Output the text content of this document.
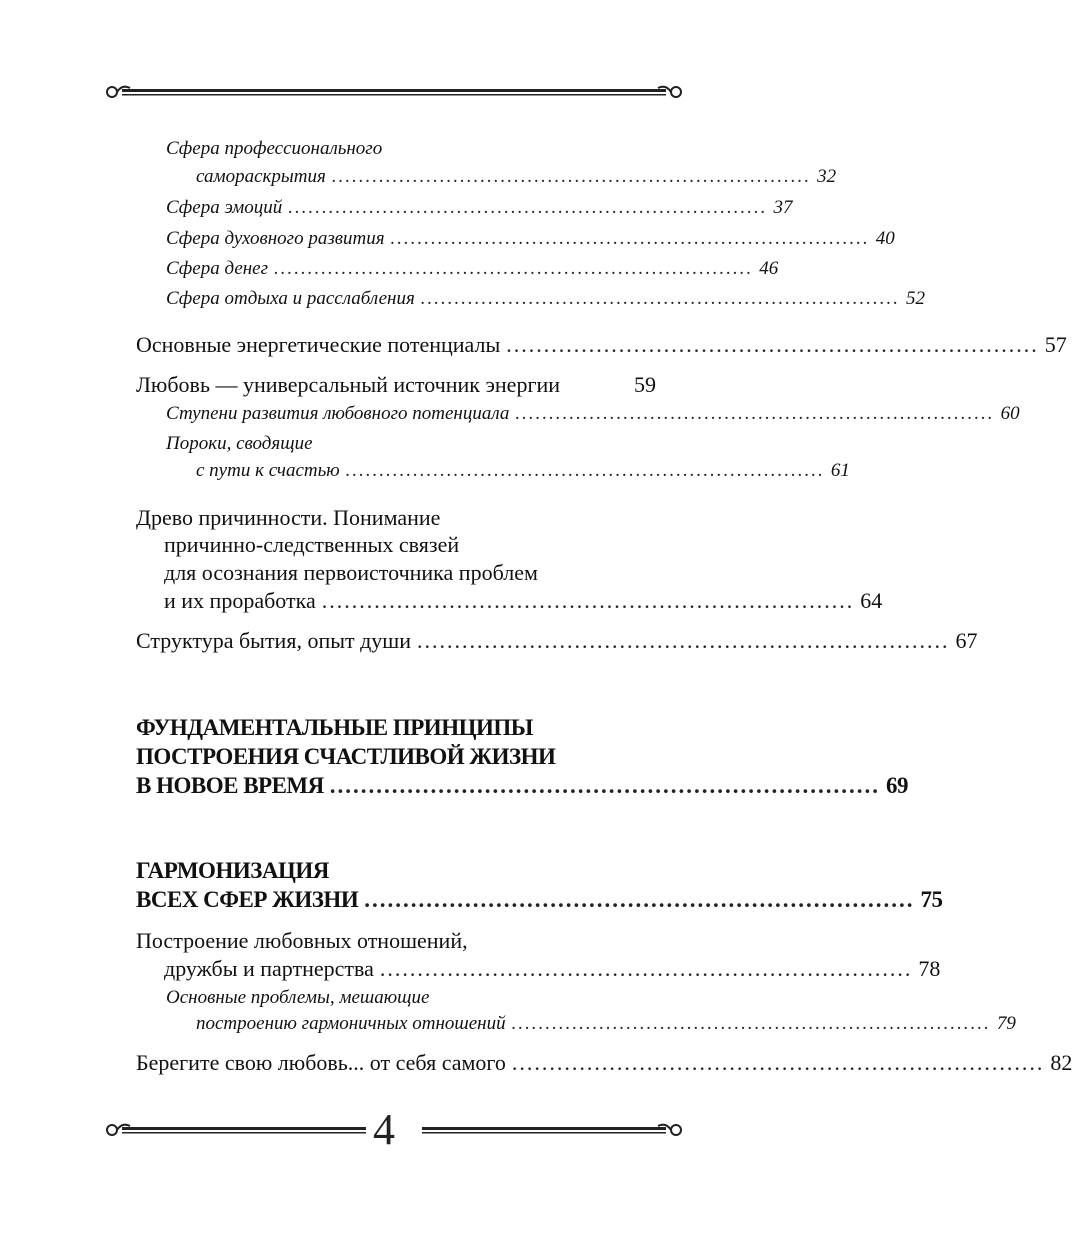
Сфера профессионального
самораскрытия ....................................................................... 32
Сфера эмоций ....................................................................... 37
Сфера духовного развития ....................................................................... 40
Сфера денег ....................................................................... 46
Сфера отдыха и расслабления ....................................................................... 52
Основные энергетические потенциалы ....................................................................... 57
Любовь — универсальный источник энергии	59
Ступени развития любовного потенциала ....................................................................... 60
Пороки, сводящие
с пути к счастью ....................................................................... 61
Древо причинности. Понимание
причинно-следственных связей
для осознания первоисточника проблем
и их проработка ....................................................................... 64
Структура бытия, опыт души ....................................................................... 67
ФУНДАМЕНТАЛЬНЫЕ ПРИНЦИПЫ
ПОСТРОЕНИЯ СЧАСТЛИВОЙ ЖИЗНИ
В НОВОЕ ВРЕМЯ ....................................................................... 69
ГАРМОНИЗАЦИЯ
ВСЕХ СФЕР ЖИЗНИ ....................................................................... 75
Построение любовных отношений,
дружбы и партнерства ....................................................................... 78
Основные проблемы, мешающие
построению гармоничных отношений ....................................................................... 79
Берегите свою любовь... от себя самого ....................................................................... 82
4
